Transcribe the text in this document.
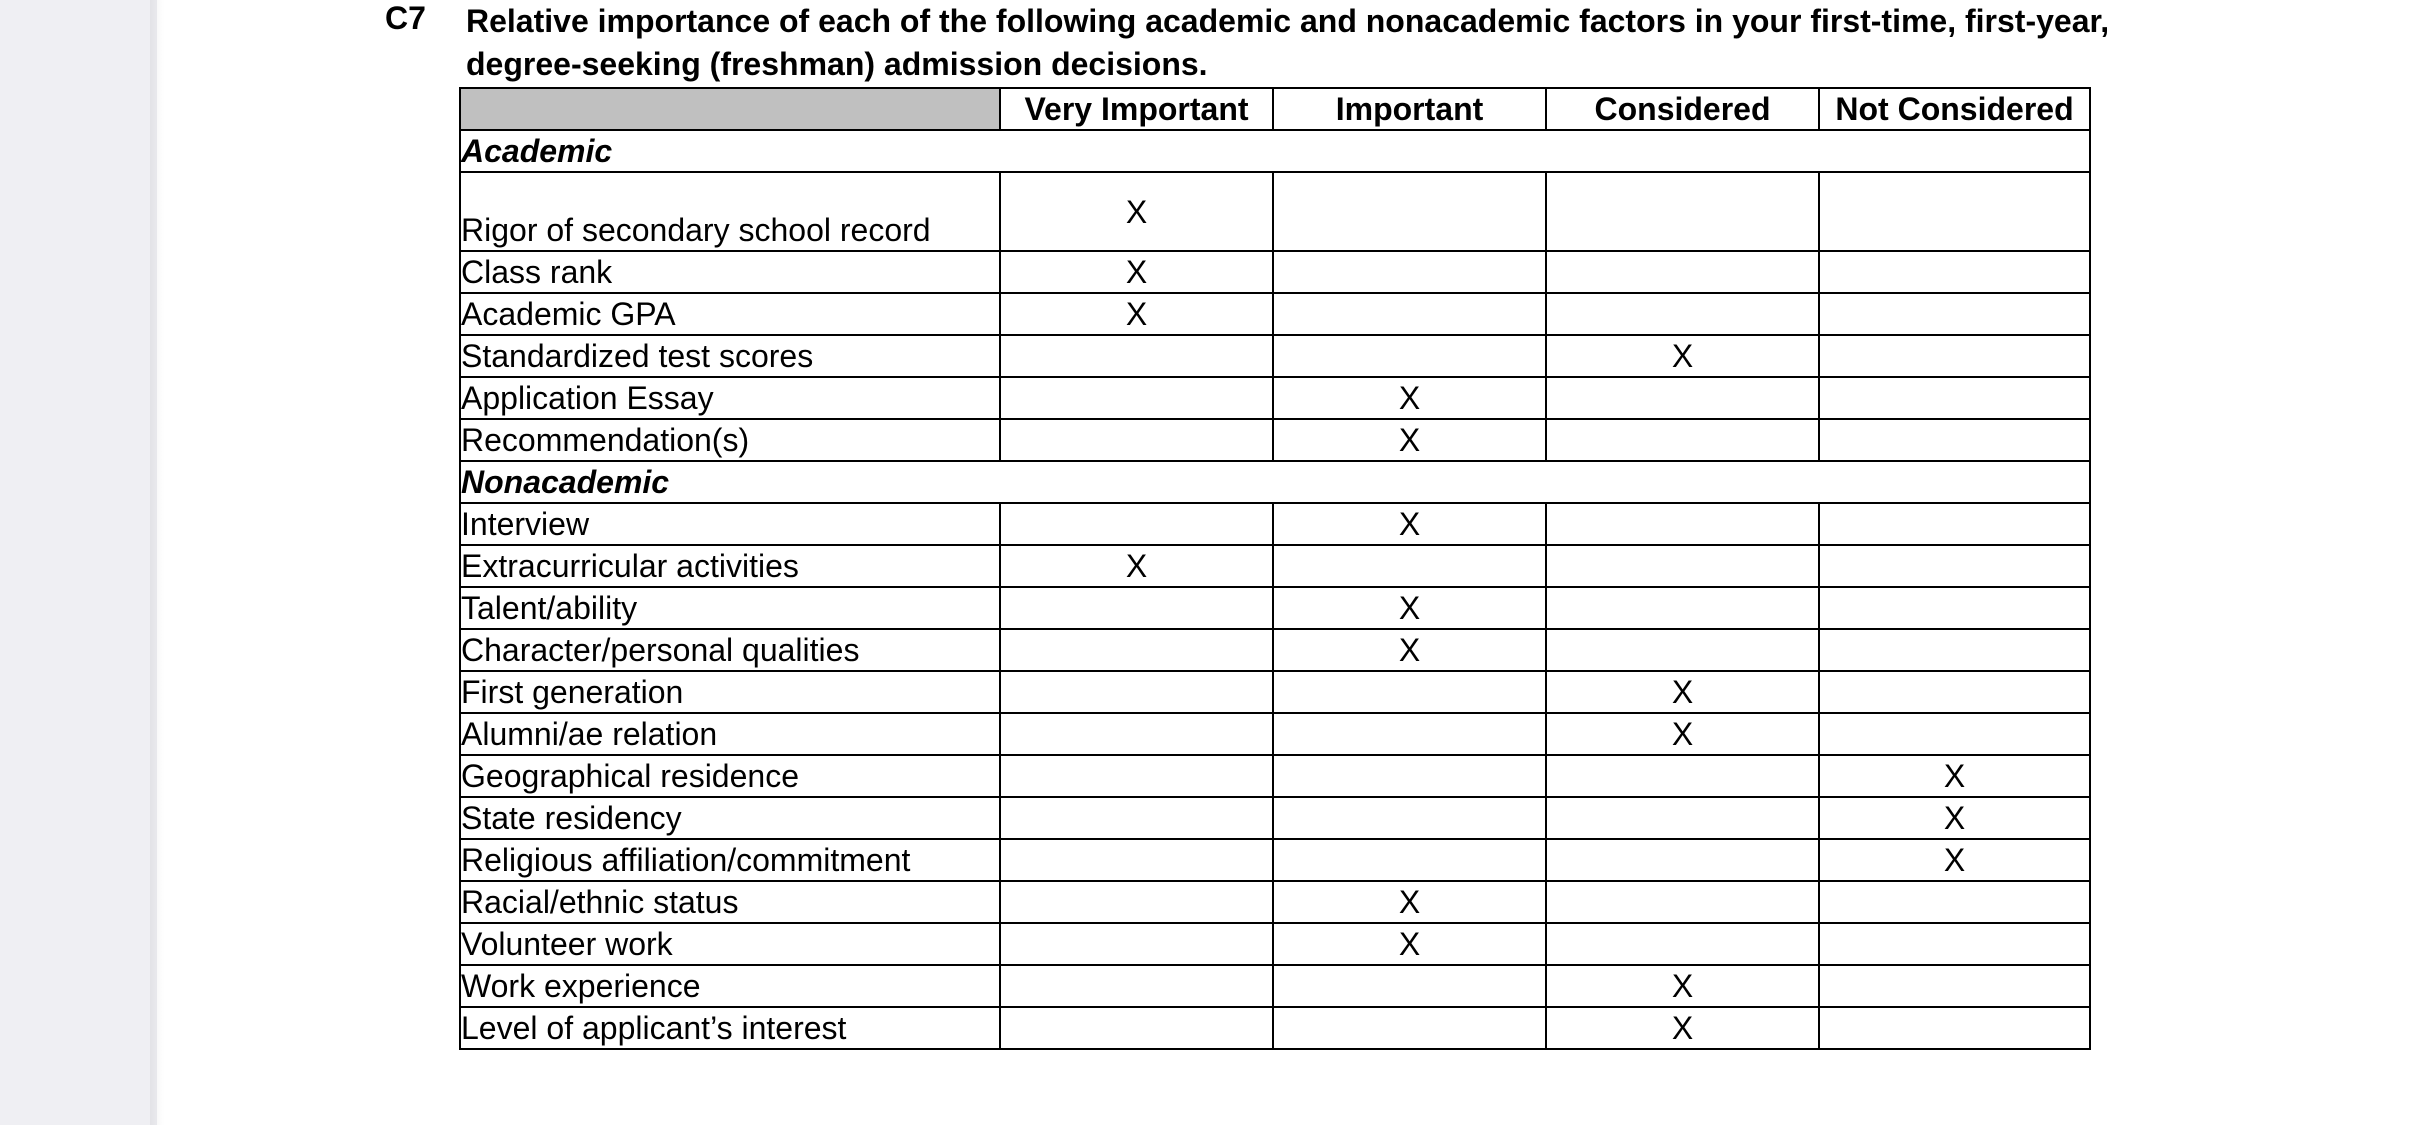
C7 Relative importance of each of the following academic and nonacademic factors in your first-time, first-year, degree-seeking (freshman) admission decisions.
	Very Important	Important	Considered	Not Considered
Academic				
Rigor of secondary school record	X			
Class rank	X			
Academic GPA	X			
Standardized test scores			X	
Application Essay		X		
Recommendation(s)		X		
Nonacademic				
Interview		X		
Extracurricular activities	X			
Talent/ability		X		
Character/personal qualities		X		
First generation			X	
Alumni/ae relation			X	
Geographical residence				X
State residency				X
Religious affiliation/commitment				X
Racial/ethnic status		X		
Volunteer work		X		
Work experience			X	
Level of applicant’s interest			X	
